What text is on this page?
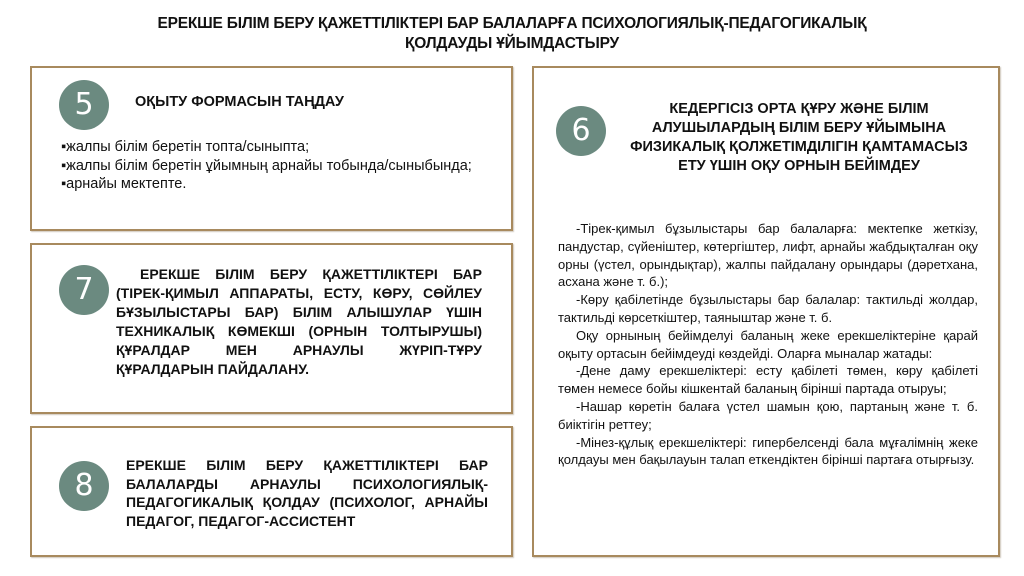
ЕРЕКШЕ БІЛІМ БЕРУ ҚАЖЕТТІЛІКТЕРІ БАР БАЛАЛАРҒА ПСИХОЛОГИЯЛЫҚ-ПЕДАГОГИКАЛЫҚ
ҚОЛДАУДЫ ҰЙЫМДАСТЫРУ
5	ОҚЫТУ ФОРМАСЫН ТАҢДАУ
▪жалпы білім беретін топта/сыныпта;
▪жалпы білім беретін ұйымның арнайы тобында/сыныбында;
▪арнайы мектепте.
7	ЕРЕКШЕ БІЛІМ БЕРУ ҚАЖЕТТІЛІКТЕРІ БАР (ТІРЕК-ҚИМЫЛ АППАРАТЫ, ЕСТУ, КӨРУ, СӨЙЛЕУ БҰЗЫЛЫСТАРЫ БАР) БІЛІМ АЛЫШУЛАР ҮШІН ТЕХНИКАЛЫҚ КӨМЕКШІ (ОРНЫН ТОЛТЫРУШЫ) ҚҰРАЛДАР МЕН АРНАУЛЫ ЖҮРІП-ТҰРУ ҚҰРАЛДАРЫН ПАЙДАЛАНУ.
8
ЕРЕКШЕ БІЛІМ БЕРУ ҚАЖЕТТІЛІКТЕРІ БАР БАЛАЛАРДЫ АРНАУЛЫ ПСИХОЛОГИЯЛЫҚ-ПЕДАГОГИКАЛЫҚ ҚОЛДАУ (ПСИХОЛОГ, АРНАЙЫ ПЕДАГОГ, ПЕДАГОГ-АССИСТЕНТ
6
КЕДЕРГІСІЗ ОРТА ҚҰРУ ЖӘНЕ БІЛІМ АЛУШЫЛАРДЫҢ БІЛІМ БЕРУ ҰЙЫМЫНА ФИЗИКАЛЫҚ ҚОЛЖЕТІМДІЛІГІН ҚАМТАМАСЫЗ ЕТУ ҮШІН ОҚУ ОРНЫН БЕЙІМДЕУ

-Тірек-қимыл бұзылыстары бар балаларға: мектепке жеткізу, пандустар, сүйеніштер, көтергіштер, лифт, арнайы жабдықталған оқу орны (үстел, орындықтар), жалпы пайдалану орындары (дәретхана, асхана және т. б.);

-Көру қабілетінде бұзылыстары бар балалар: тактильді жолдар, тактильді көрсеткіштер, таяныштар және т. б.

Оқу орнының бейімделуі баланың жеке ерекшеліктеріне қарай оқыту ортасын бейімдеуді көздейді. Оларға мыналар жатады:

-Дене даму ерекшеліктері: есту қабілеті төмен, көру қабілеті төмен немесе бойы кішкентай баланың бірінші партада отыруы;

-Нашар көретін балаға үстел шамын қою, партаның және т. б. биіктігін реттеу;

-Мінез-құлық ерекшеліктері: гипербелсенді бала мұғалімнің жеке қолдауы мен бақылауын талап еткендіктен бірінші партаға отырғызу.
